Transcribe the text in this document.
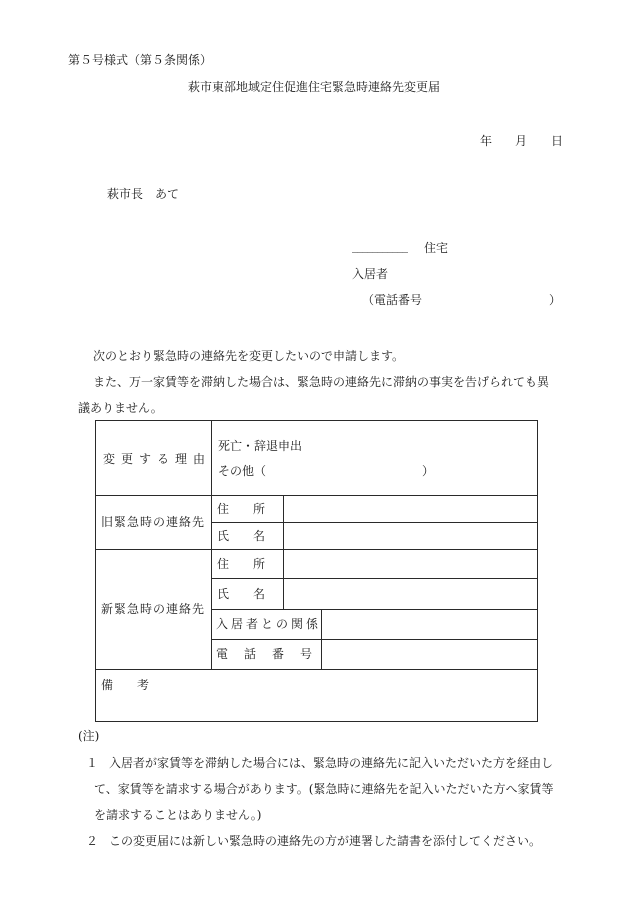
第５号様式（第５条関係）
萩市東部地域定住促進住宅緊急時連絡先変更届
年 月 日
萩市長　あて
___________ 住宅
入居者
（電話番号	）
次のとおり緊急時の連絡先を変更したいので申請します。
また、万一家賃等を滞納した場合は、緊急時の連絡先に滞納の事実を告げられても異
議ありません。
変更する理由
死亡・辞退申出
その他（	）
旧緊急時の連絡先
住所
氏名
新緊急時の連絡先
住所
氏名
入居者との関係
電話番号
備考
(注)
１ 入居者が家賃等を滞納した場合には、緊急時の連絡先に記入いただいた方を経由し
て、家賃等を請求する場合があります。(緊急時に連絡先を記入いただいた方へ家賃等
を請求することはありません。)
２ この変更届には新しい緊急時の連絡先の方が連署した請書を添付してください。
